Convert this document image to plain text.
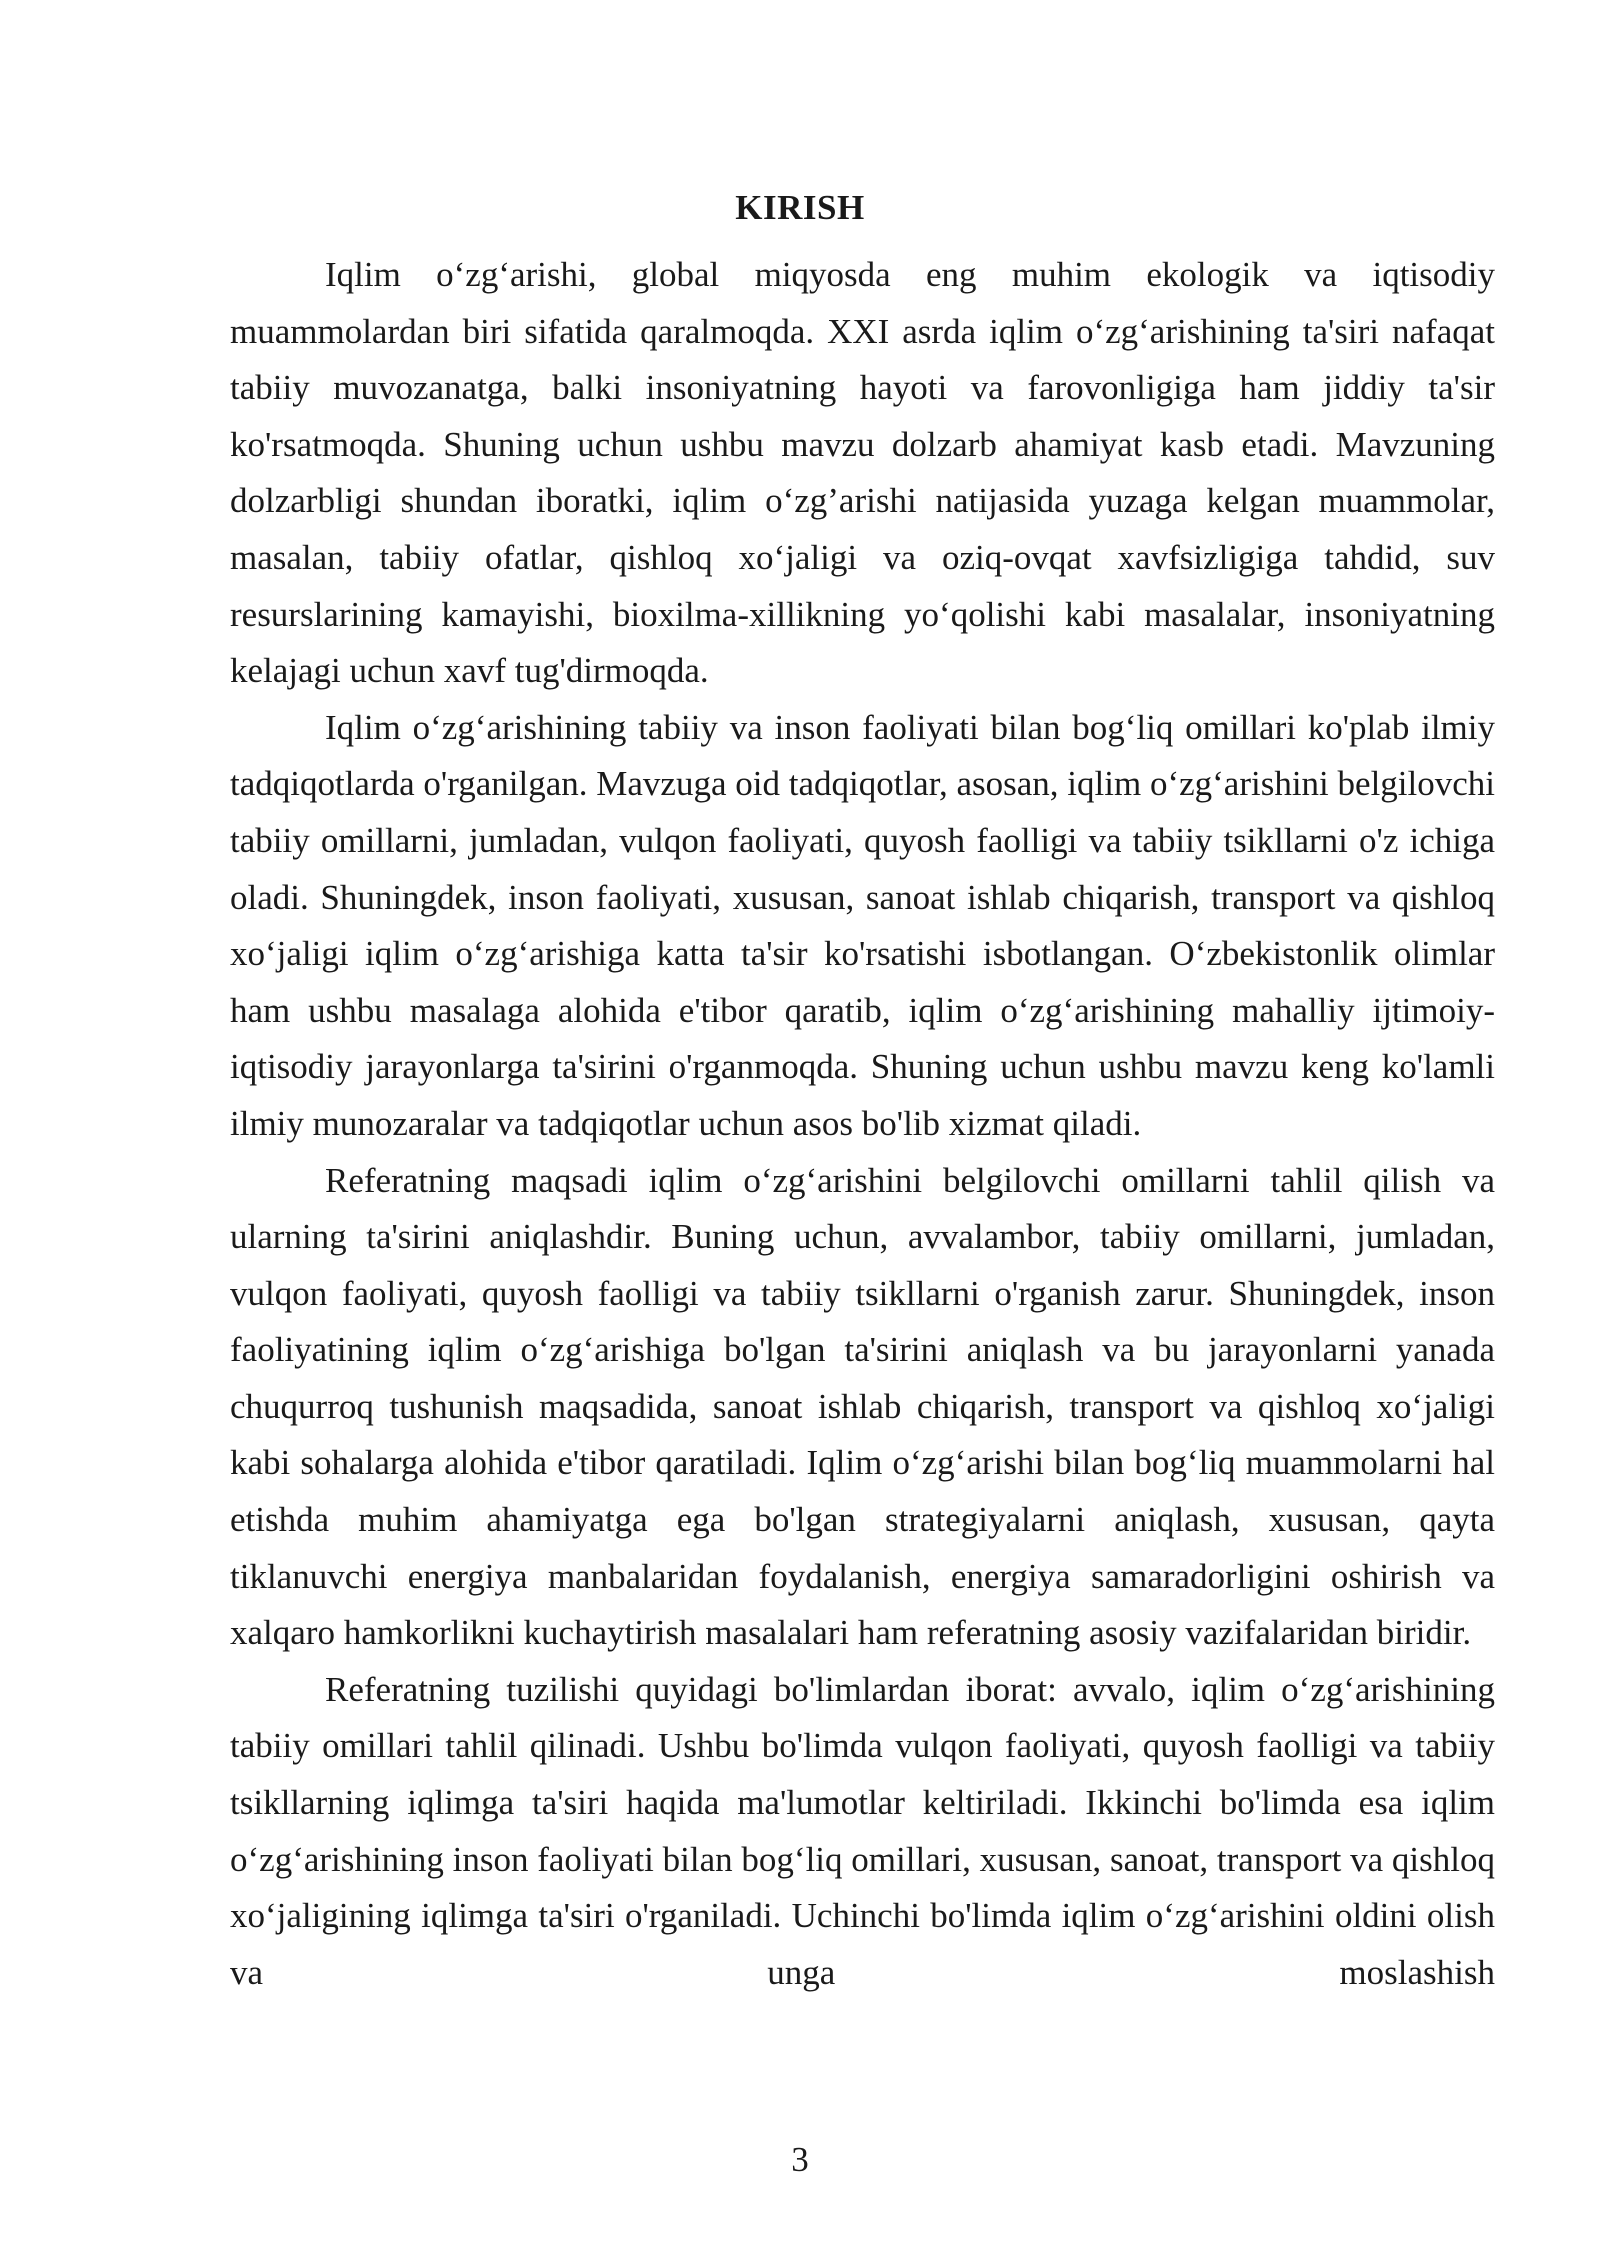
KIRISH

Iqlim o‘zg‘arishi, global miqyosda eng muhim ekologik va iqtisodiy muammolardan biri sifatida qaralmoqda. XXI asrda iqlim o‘zg‘arishining ta'siri nafaqat tabiiy muvozanatga, balki insoniyatning hayoti va farovonligiga ham jiddiy ta'sir ko'rsatmoqda. Shuning uchun ushbu mavzu dolzarb ahamiyat kasb etadi. Mavzuning dolzarbligi shundan iboratki, iqlim o‘zg’arishi natijasida yuzaga kelgan muammolar, masalan, tabiiy ofatlar, qishloq xo‘jaligi va oziq-ovqat xavfsizligiga tahdid, suv resurslarining kamayishi, bioxilma-xillikning yo‘qolishi kabi masalalar, insoniyatning kelajagi uchun xavf tug'dirmoqda.

Iqlim o‘zg‘arishining tabiiy va inson faoliyati bilan bog‘liq omillari ko'plab ilmiy tadqiqotlarda o'rganilgan. Mavzuga oid tadqiqotlar, asosan, iqlim o‘zg‘arishini belgilovchi tabiiy omillarni, jumladan, vulqon faoliyati, quyosh faolligi va tabiiy tsikllarni o'z ichiga oladi. Shuningdek, inson faoliyati, xususan, sanoat ishlab chiqarish, transport va qishloq xo‘jaligi iqlim o‘zg‘arishiga katta ta'sir ko'rsatishi isbotlangan. O‘zbekistonlik olimlar ham ushbu masalaga alohida e'tibor qaratib, iqlim o‘zg‘arishining mahalliy ijtimoiy-iqtisodiy jarayonlarga ta'sirini o'rganmoqda. Shuning uchun ushbu mavzu keng ko'lamli ilmiy munozaralar va tadqiqotlar uchun asos bo'lib xizmat qiladi.

Referatning maqsadi iqlim o‘zg‘arishini belgilovchi omillarni tahlil qilish va ularning ta'sirini aniqlashdir. Buning uchun, avvalambor, tabiiy omillarni, jumladan, vulqon faoliyati, quyosh faolligi va tabiiy tsikllarni o'rganish zarur. Shuningdek, inson faoliyatining iqlim o‘zg‘arishiga bo'lgan ta'sirini aniqlash va bu jarayonlarni yanada chuqurroq tushunish maqsadida, sanoat ishlab chiqarish, transport va qishloq xo‘jaligi kabi sohalarga alohida e'tibor qaratiladi. Iqlim o‘zg‘arishi bilan bog‘liq muammolarni hal etishda muhim ahamiyatga ega bo'lgan strategiyalarni aniqlash, xususan, qayta tiklanuvchi energiya manbalaridan foydalanish, energiya samaradorligini oshirish va xalqaro hamkorlikni kuchaytirish masalalari ham referatning asosiy vazifalaridan biridir.

Referatning tuzilishi quyidagi bo'limlardan iborat: avvalo, iqlim o‘zg‘arishining tabiiy omillari tahlil qilinadi. Ushbu bo'limda vulqon faoliyati, quyosh faolligi va tabiiy tsikllarning iqlimga ta'siri haqida ma'lumotlar keltiriladi. Ikkinchi bo'limda esa iqlim o‘zg‘arishining inson faoliyati bilan bog‘liq omillari, xususan, sanoat, transport va qishloq xo‘jaligining iqlimga ta'siri o'rganiladi. Uchinchi bo'limda iqlim o‘zg‘arishini oldini olish va unga moslashish

3
